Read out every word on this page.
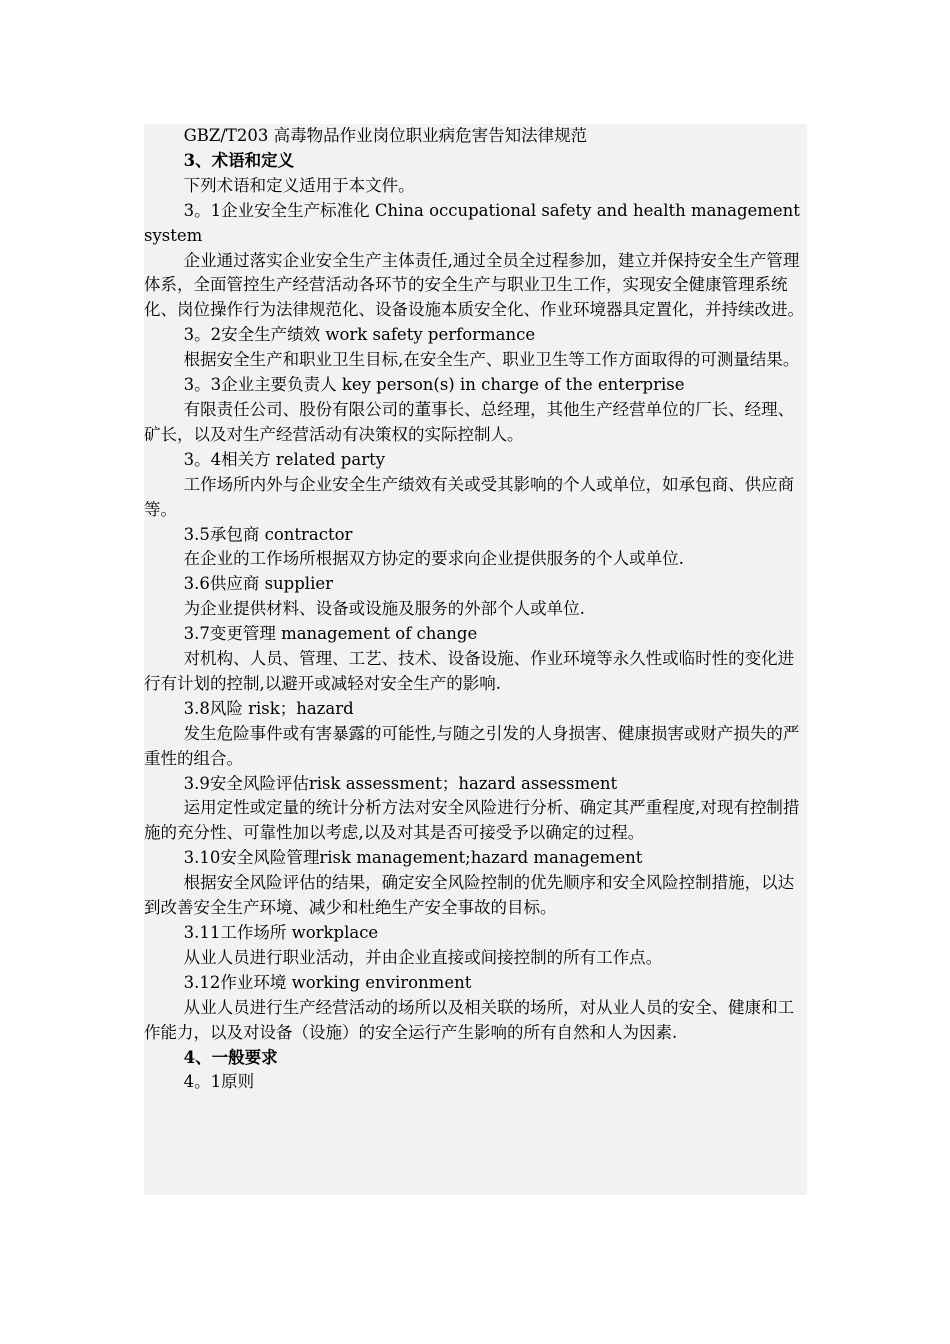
GBZ/T203 高毒物品作业岗位职业病危害告知法律规范

3、术语和定义

下列术语和定义适用于本文件。

3。1企业安全生产标准化 China occupational safety and health management system

企业通过落实企业安全生产主体责任,通过全员全过程参加，建立并保持安全生产管理体系，全面管控生产经营活动各环节的安全生产与职业卫生工作，实现安全健康管理系统化、岗位操作行为法律规范化、设备设施本质安全化、作业环境器具定置化，并持续改进。

3。2安全生产绩效 work safety performance

根据安全生产和职业卫生目标,在安全生产、职业卫生等工作方面取得的可测量结果。

3。3企业主要负责人 key person(s) in charge of the enterprise

有限责任公司、股份有限公司的董事长、总经理，其他生产经营单位的厂长、经理、矿长，以及对生产经营活动有决策权的实际控制人。

3。4相关方 related party

工作场所内外与企业安全生产绩效有关或受其影响的个人或单位，如承包商、供应商等。

3.5承包商 contractor

在企业的工作场所根据双方协定的要求向企业提供服务的个人或单位.

3.6供应商 supplier

为企业提供材料、设备或设施及服务的外部个人或单位.

3.7变更管理 management of change

对机构、人员、管理、工艺、技术、设备设施、作业环境等永久性或临时性的变化进行有计划的控制,以避开或减轻对安全生产的影响.

3.8风险 risk；hazard

发生危险事件或有害暴露的可能性,与随之引发的人身损害、健康损害或财产损失的严重性的组合。

3.9安全风险评估risk assessment；hazard assessment

运用定性或定量的统计分析方法对安全风险进行分析、确定其严重程度,对现有控制措施的充分性、可靠性加以考虑,以及对其是否可接受予以确定的过程。

3.10安全风险管理risk management;hazard management

根据安全风险评估的结果，确定安全风险控制的优先顺序和安全风险控制措施，以达到改善安全生产环境、减少和杜绝生产安全事故的目标。

3.11工作场所 workplace

从业人员进行职业活动，并由企业直接或间接控制的所有工作点。

3.12作业环境 working environment

从业人员进行生产经营活动的场所以及相关联的场所，对从业人员的安全、健康和工作能力，以及对设备（设施）的安全运行产生影响的所有自然和人为因素.

4、一般要求

4。1原则
